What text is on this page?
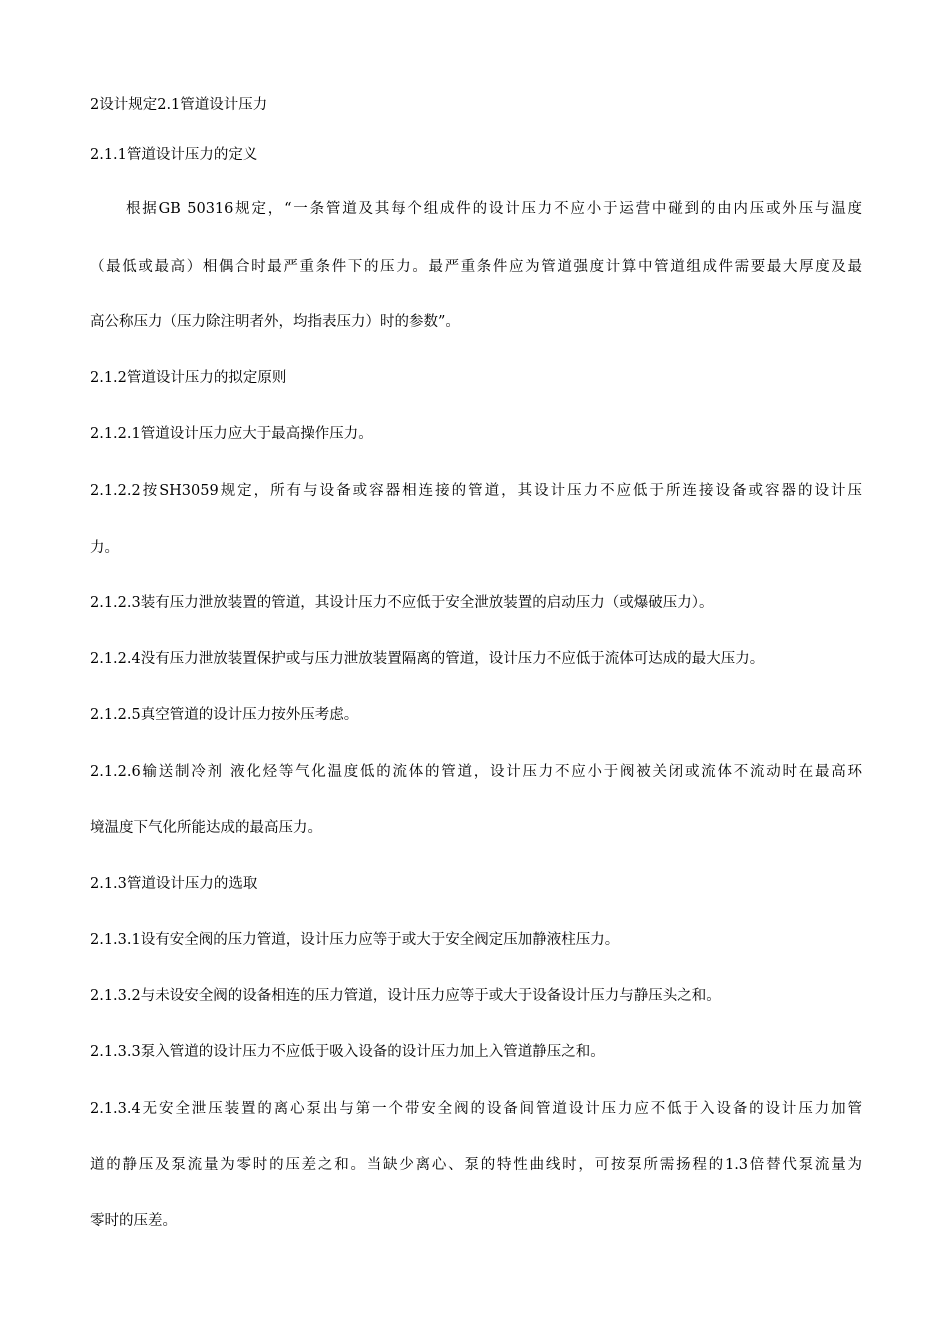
2设计规定2.1管道设计压力
2.1.1管道设计压力的定义
根据GB 50316规定，“一条管道及其每个组成件的设计压力不应小于运营中碰到的由内压或外压与温度
（最低或最高）相偶合时最严重条件下的压力。最严重条件应为管道强度计算中管道组成件需要最大厚度及最
高公称压力（压力除注明者外，均指表压力）时的参数”。
2.1.2管道设计压力的拟定原则
2.1.2.1管道设计压力应大于最高操作压力。
2.1.2.2按SH3059规定，所有与设备或容器相连接的管道，其设计压力不应低于所连接设备或容器的设计压
力。
2.1.2.3装有压力泄放装置的管道，其设计压力不应低于安全泄放装置的启动压力（或爆破压力）。
2.1.2.4没有压力泄放装置保护或与压力泄放装置隔离的管道，设计压力不应低于流体可达成的最大压力。
2.1.2.5真空管道的设计压力按外压考虑。
2.1.2.6输送制冷剂 液化烃等气化温度低的流体的管道，设计压力不应小于阀被关闭或流体不流动时在最高环
境温度下气化所能达成的最高压力。
2.1.3管道设计压力的选取
2.1.3.1设有安全阀的压力管道，设计压力应等于或大于安全阀定压加静液柱压力。
2.1.3.2与未设安全阀的设备相连的压力管道，设计压力应等于或大于设备设计压力与静压头之和。
2.1.3.3泵入管道的设计压力不应低于吸入设备的设计压力加上入管道静压之和。
2.1.3.4无安全泄压装置的离心泵出与第一个带安全阀的设备间管道设计压力应不低于入设备的设计压力加管
道的静压及泵流量为零时的压差之和。当缺少离心、泵的特性曲线时，可按泵所需扬程的1.3倍替代泵流量为
零时的压差。
